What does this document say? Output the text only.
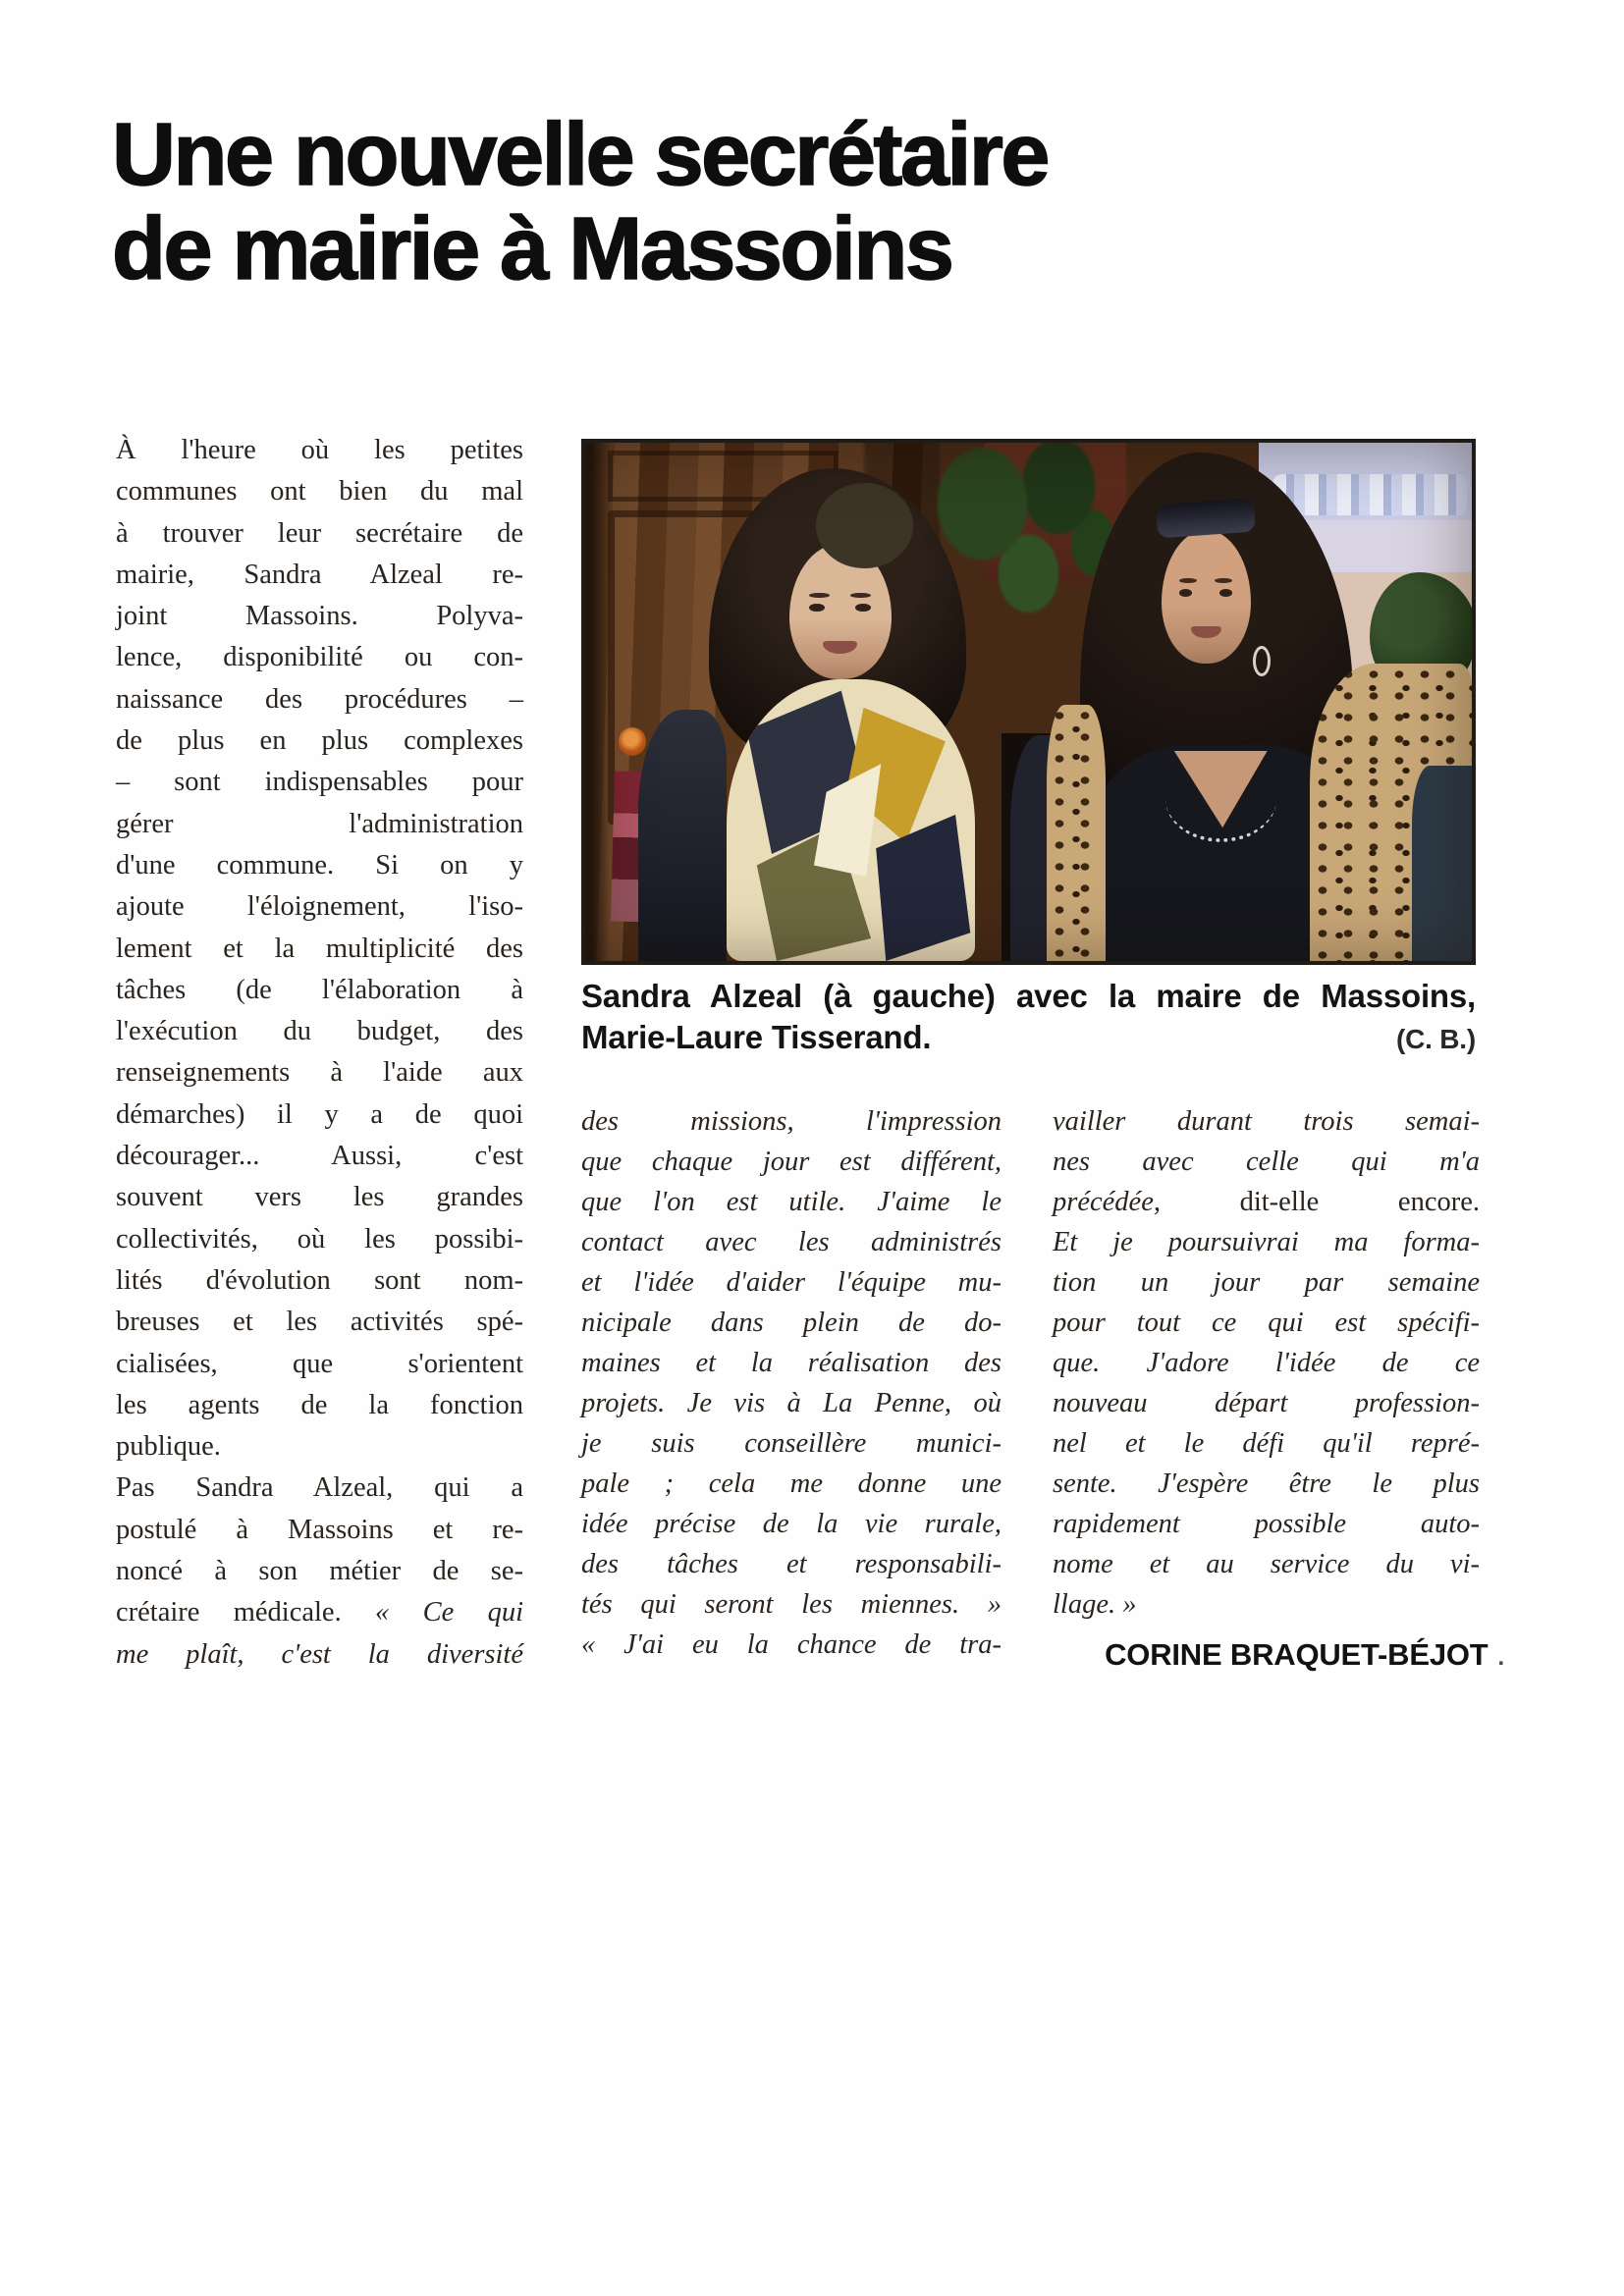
Une nouvelle secrétaire
de mairie à Massoins
À l'heure où les petites
communes ont bien du mal
à trouver leur secrétaire de
mairie, Sandra Alzeal re-
joint Massoins. Polyva-
lence, disponibilité ou con-
naissance des procédures –
de plus en plus complexes
– sont indispensables pour
gérer l'administration
d'une commune. Si on y
ajoute l'éloignement, l'iso-
lement et la multiplicité des
tâches (de l'élaboration à
l'exécution du budget, des
renseignements à l'aide aux
démarches) il y a de quoi
décourager... Aussi, c'est
souvent vers les grandes
collectivités, où les possibi-
lités d'évolution sont nom-
breuses et les activités spé-
cialisées, que s'orientent
les agents de la fonction
publique.
Pas Sandra Alzeal, qui a
postulé à Massoins et re-
noncé à son métier de se-
crétaire médicale. « Ce qui
me plaît, c'est la diversité
Sandra Alzeal (à gauche) avec la maire de Massoins,
Marie-Laure Tisserand.	(C. B.)
des missions, l'impression
que chaque jour est différent,
que l'on est utile. J'aime le
contact avec les administrés
et l'idée d'aider l'équipe mu-
nicipale dans plein de do-
maines et la réalisation des
projets. Je vis à La Penne, où
je suis conseillère munici-
pale ; cela me donne une
idée précise de la vie rurale,
des tâches et responsabili-
tés qui seront les miennes. »
« J'ai eu la chance de tra-
vailler durant trois semai-
nes avec celle qui m'a
précédée, dit-elle encore.
Et je poursuivrai ma forma-
tion un jour par semaine
pour tout ce qui est spécifi-
que. J'adore l'idée de ce
nouveau départ profession-
nel et le défi qu'il repré-
sente. J'espère être le plus
rapidement possible auto-
nome et au service du vi-
llage. »
CORINE BRAQUET-BÉJOT .
